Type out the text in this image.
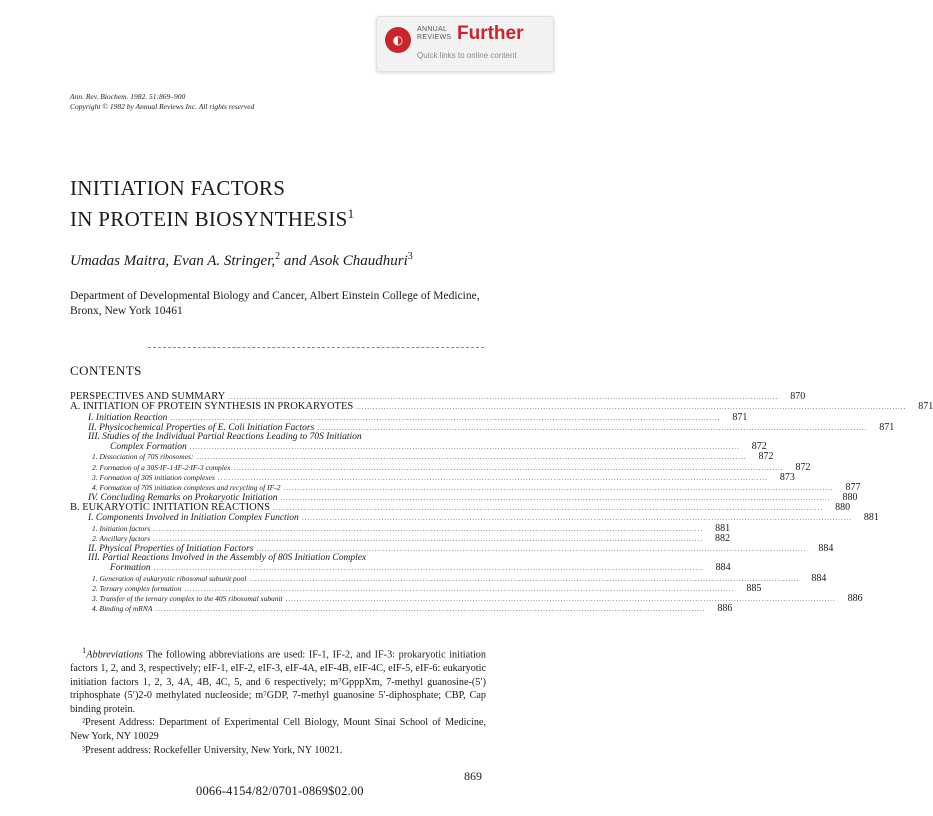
◐
ANNUAL
REVIEWS Further
Quick links to online content
Ann. Rev. Biochem. 1982. 51:869–900
Copyright © 1982 by Annual Reviews Inc. All rights reserved
INITIATION FACTORS
IN PROTEIN BIOSYNTHESIS$^1$
Umadas Maitra, Evan A. Stringer,$^2$ and Asok Chaudhuri$^3$
Department of Developmental Biology and Cancer, Albert Einstein College of Medicine, Bronx, New York 10461
CONTENTS
PERSPECTIVES AND SUMMARY ........................................................................................................................................................................................................	870
A. INITIATION OF PROTEIN SYNTHESIS IN PROKARYOTES ........................................................................................................................................................................................................	871
I. Initiation Reaction ........................................................................................................................................................................................................	871
II. Physicochemical Properties of E. Coli Initiation Factors ........................................................................................................................................................................................................	871
III. Studies of the Individual Partial Reactions Leading to 70S Initiation
Complex Formation ........................................................................................................................................................................................................	872
1. Dissociation of 70S ribosomes: ........................................................................................................................................................................................................	872
2. Formation of a 30S·IF-1·IF-2·IF-3 complex ........................................................................................................................................................................................................	872
3. Formation of 30S initiation complexes ........................................................................................................................................................................................................	873
4. Formation of 70S initiation complexes and recycling of IF-2 ........................................................................................................................................................................................................	877
IV. Concluding Remarks on Prokaryotic Initiation ........................................................................................................................................................................................................	880
B. EUKARYOTIC INITIATION REACTIONS ........................................................................................................................................................................................................	880
I. Components Involved in Initiation Complex Function ........................................................................................................................................................................................................	881
1. Initiation factors ........................................................................................................................................................................................................	881
2. Ancillary factors ........................................................................................................................................................................................................	882
II. Physical Properties of Initiation Factors ........................................................................................................................................................................................................	884
III. Partial Reactions Involved in the Assembly of 80S Initiation Complex
Formation ........................................................................................................................................................................................................	884
1. Generation of eukaryotic ribosomal subunit pool ........................................................................................................................................................................................................	884
2. Ternary complex formation ........................................................................................................................................................................................................	885
3. Transfer of the ternary complex to the 40S ribosomal subunit ........................................................................................................................................................................................................	886
4. Binding of mRNA ........................................................................................................................................................................................................	886
$^1$Abbreviations The following abbreviations are used: IF-1, IF-2, and IF-3: prokaryotic initiation factors 1, 2, and 3, respectively; eIF-1, eIF-2, eIF-3, eIF-4A, eIF-4B, eIF-4C, eIF-5, eIF-6: eukaryotic initiation factors 1, 2, 3, 4A, 4B, 4C, 5, and 6 respectively; m⁷GpppXm, 7-methyl guanosine-(5′) triphosphate (5′)2-0 methylated nucleoside; m⁷GDP, 7-methyl guanosine 5′-diphosphate; CBP, Cap binding protein.
²Present Address: Department of Experimental Cell Biology, Mount Sinai School of Medicine, New York, NY 10029
³Present address: Rockefeller University, New York, NY 10021.
869
0066-4154/82/0701-0869$02.00
